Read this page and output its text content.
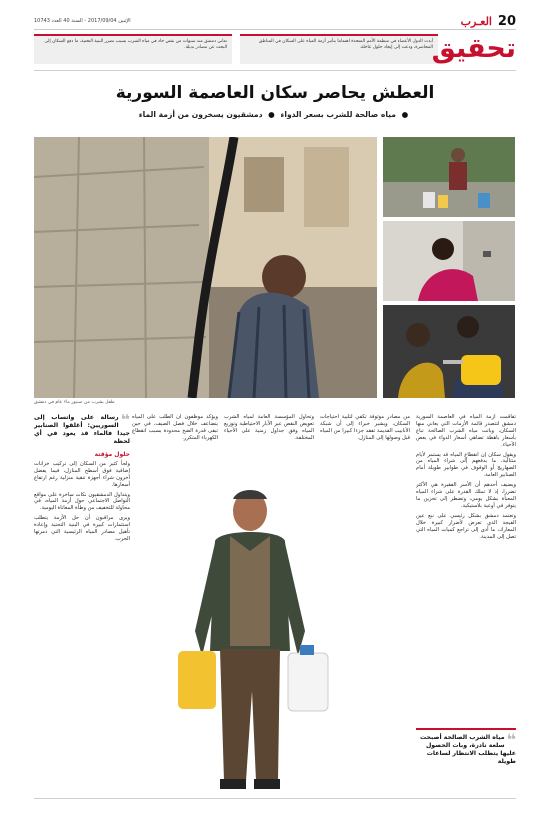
20
العـرب
الإثنين 2017/09/04 - السنة 40 العدد 10743
أبدت الدول الأعضاء في منظمة الأمم المتحدة اهتماما بتأثير أزمة المياه على السكان في المناطق المحاصرة، ودعت إلى إيجاد حلول عاجلة.
تعاني دمشق منذ سنوات من نقص حاد في مياه الشرب بسبب تضرر البنية التحتية، ما دفع السكان إلى البحث عن مصادر بديلة.	تحقيق
العطش يحاصر سكان العاصمة السورية
● مياه صالحة للشرب بسعر الدواء ● دمشقيون يسخرون من أزمة الماء
طفل يشرب من صنبور ماء عام في دمشق

تفاقمت أزمة المياه في العاصمة السورية دمشق لتتصدر قائمة الأزمات التي يعاني منها السكان، وباتت مياه الشرب الصالحة تباع بأسعار باهظة تضاهي أسعار الدواء في بعض الأحياء.

ويقول سكان إن انقطاع المياه قد يستمر لأيام متتالية، ما يدفعهم إلى شراء المياه من الصهاريج أو الوقوف في طوابير طويلة أمام الصنابير العامة.

ويضيف أحدهم أن الأسر الفقيرة هي الأكثر تضررا، إذ لا تملك القدرة على شراء المياه المعبأة بشكل يومي، وتضطر إلى تخزين ما يتوفر في أوعية بلاستيكية.

وتعتمد دمشق بشكل رئيسي على نبع عين الفيجة الذي تعرض لأضرار كبيرة خلال المعارك، ما أدى إلى تراجع كميات المياه التي تصل إلى المدينة.

من مصادر موثوقة تكفي لتلبية احتياجات السكان، ويشير خبراء إلى أن شبكة الأنابيب القديمة تفقد جزءا كبيرا من المياه قبل وصولها إلى المنازل.

وتحاول المؤسسة العامة لمياه الشرب تعويض النقص عبر الآبار الاحتياطية وتوزيع المياه وفق جداول زمنية على الأحياء المختلفة.

ويؤكد موظفون أن الطلب على المياه يتضاعف خلال فصل الصيف، في حين تبقى قدرة الضخ محدودة بسبب انقطاع الكهرباء المتكرر.

❝
رسالة على واتساب إلى السوريين: أغلقوا الصنابير جيدا فالماء قد يعود في أي لحظة
حلول مؤقتة

ولجأ كثير من السكان إلى تركيب خزانات إضافية فوق أسطح المنازل، فيما يفضل آخرون شراء أجهزة تنقية منزلية رغم ارتفاع أسعارها.

ويتداول الدمشقيون نكات ساخرة على مواقع التواصل الاجتماعي حول أزمة المياه، في محاولة للتخفيف من وطأة المعاناة اليومية.

ويرى مراقبون أن حل الأزمة يتطلب استثمارات كبيرة في البنية التحتية وإعادة تأهيل مصادر المياه الرئيسية التي دمرتها الحرب.

❝
مياه الشرب الصالحة أصبحت سلعة نادرة، وبات الحصول عليها يتطلب الانتظار لساعات طويلة
